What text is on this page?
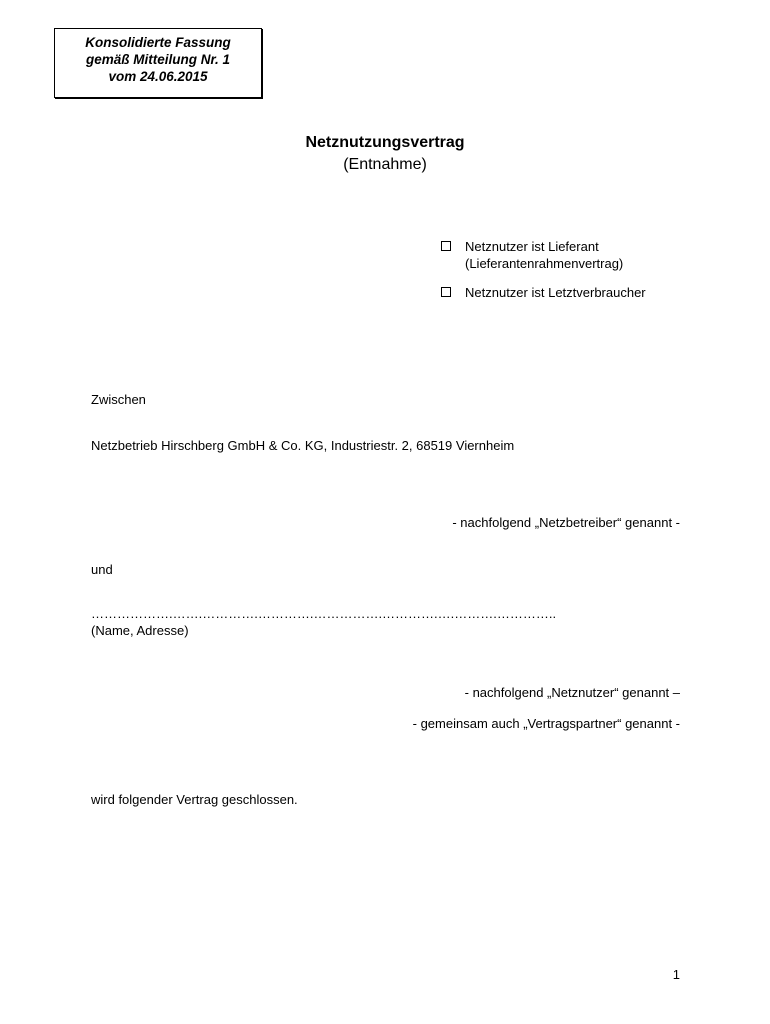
Konsolidierte Fassung
gemäß Mitteilung Nr. 1
vom 24.06.2015
Netznutzungsvertrag
(Entnahme)
Netznutzer ist Lieferant
(Lieferantenrahmenvertrag)
Netznutzer ist Letztverbraucher
Zwischen
Netzbetrieb Hirschberg GmbH & Co. KG, Industriestr. 2, 68519 Viernheim
- nachfolgend „Netzbetreiber“ genannt -
und
……………….…….………….………….…………….………….….……….…………..
(Name, Adresse)
- nachfolgend „Netznutzer“ genannt –
- gemeinsam auch „Vertragspartner“ genannt -
wird folgender Vertrag geschlossen.
1
